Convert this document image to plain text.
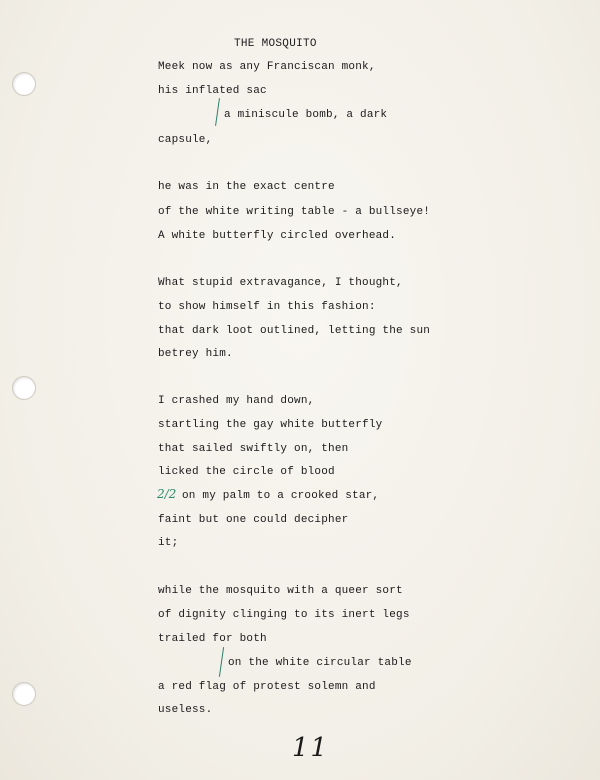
THE MOSQUITO
Meek now as any Franciscan monk,
his inflated sac
a miniscule bomb, a dark
capsule,
he was in the exact centre
of the white writing table - a bullseye!
A white butterfly circled overhead.
What stupid extravagance, I thought,
to show himself in this fashion:
that dark loot outlined, letting the sun
betrey him.
I crashed my hand down,
startling the gay white butterfly
that sailed swiftly on, then
licked the circle of blood
on my palm to a crooked star,
faint but one could decipher
it;
while the mosquito with a queer sort
of dignity clinging to its inert legs
trailed for both
on the white circular table
a red flag of protest solemn and
useless.
2/2
11
